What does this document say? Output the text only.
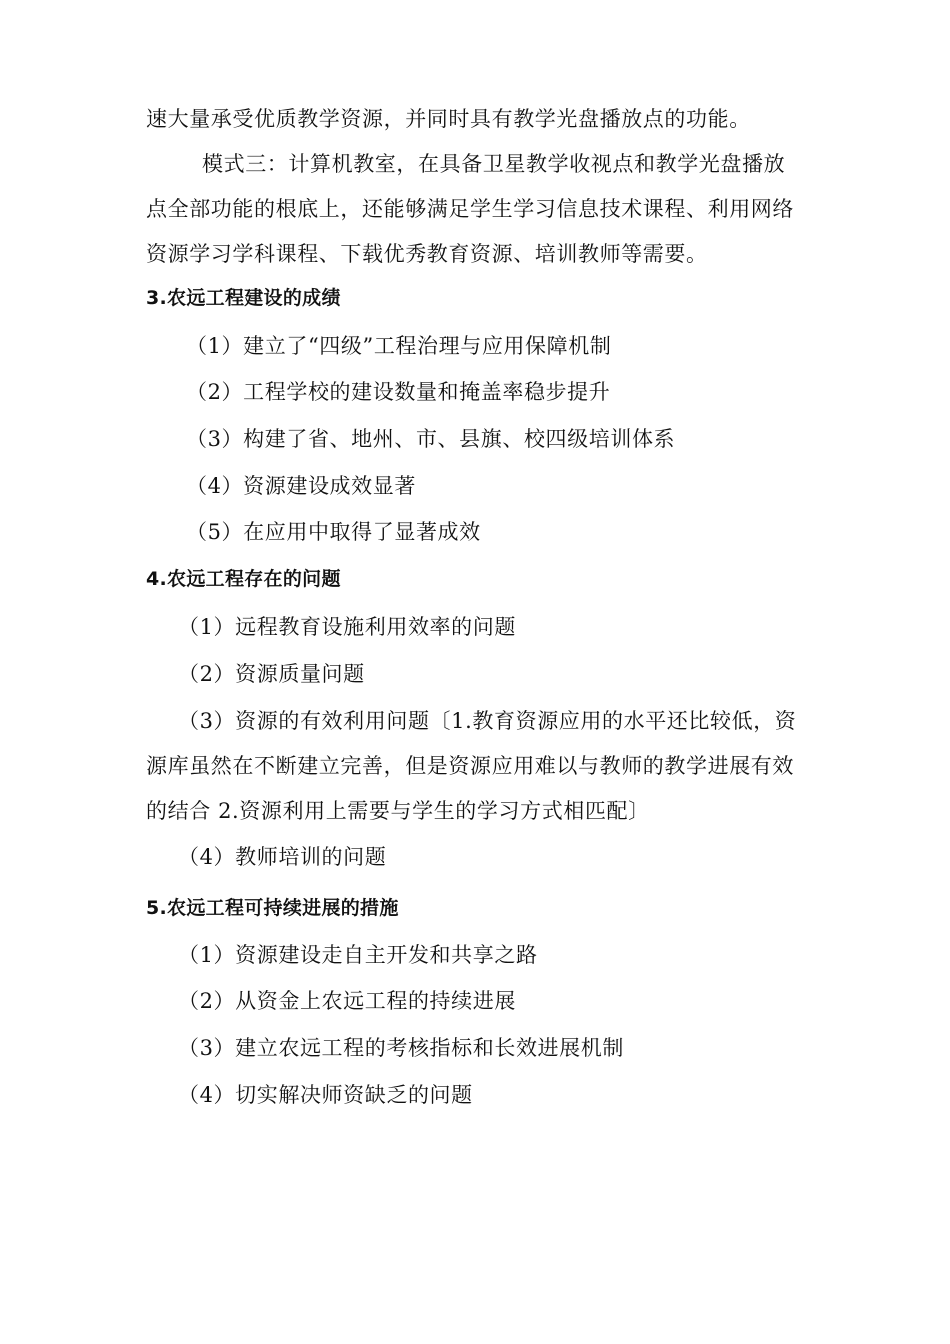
速大量承受优质教学资源，并同时具有教学光盘播放点的功能。
模式三：计算机教室，在具备卫星教学收视点和教学光盘播放
点全部功能的根底上，还能够满足学生学习信息技术课程、利用网络
资源学习学科课程、下载优秀教育资源、培训教师等需要。
3.农远工程建设的成绩
（1）建立了“四级”工程治理与应用保障机制
（2）工程学校的建设数量和掩盖率稳步提升
（3）构建了省、地州、市、县旗、校四级培训体系
（4）资源建设成效显著
（5）在应用中取得了显著成效
4.农远工程存在的问题
（1）远程教育设施利用效率的问题
（2）资源质量问题
（3）资源的有效利用问题〔1.教育资源应用的水平还比较低，资
源库虽然在不断建立完善，但是资源应用难以与教师的教学进展有效
的结合 2.资源利用上需要与学生的学习方式相匹配〕
（4）教师培训的问题
5.农远工程可持续进展的措施
（1）资源建设走自主开发和共享之路
（2）从资金上农远工程的持续进展
（3）建立农远工程的考核指标和长效进展机制
（4）切实解决师资缺乏的问题
